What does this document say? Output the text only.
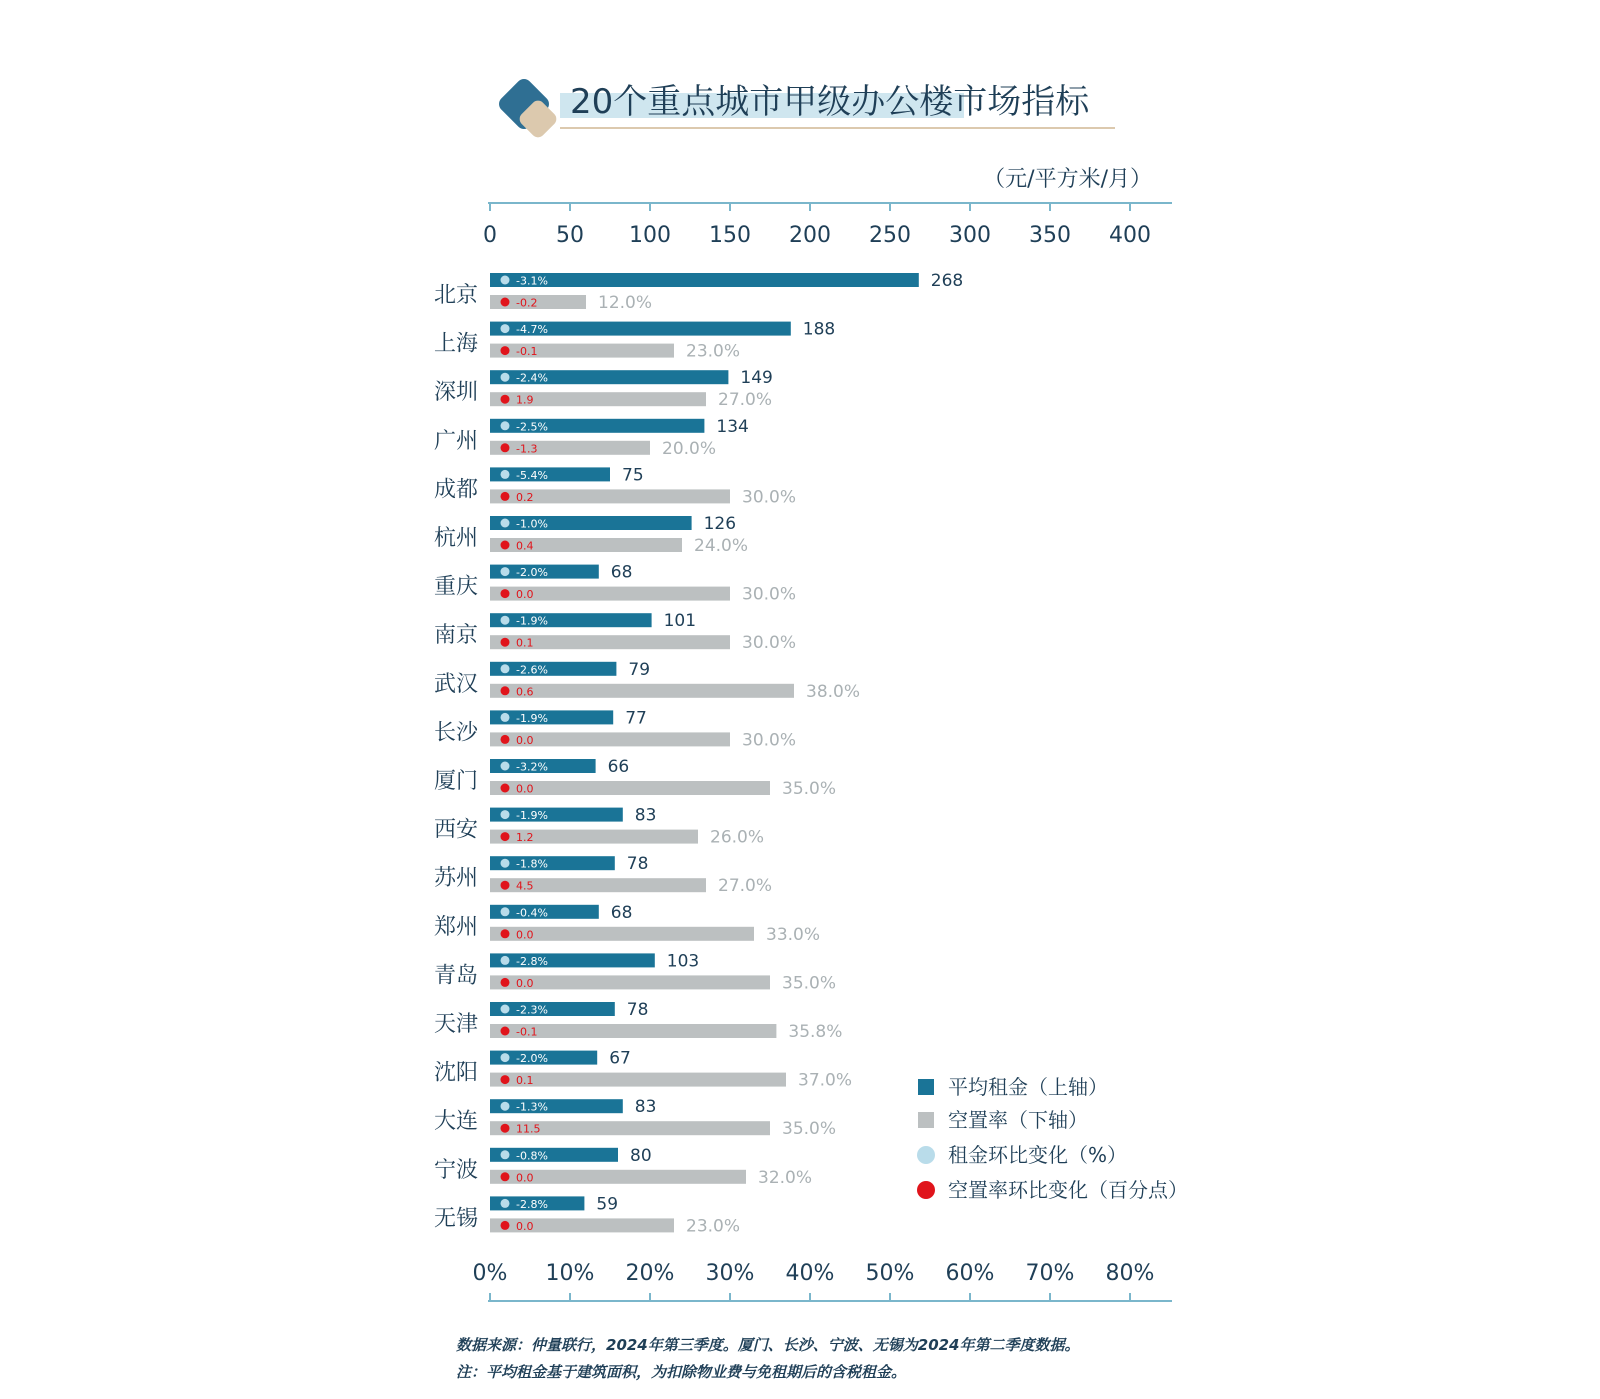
20个重点城市甲级办公楼市场指标
（元/平方米/月）
0	50 100 150 200 250 300 350 400
北京
-3.1%	268
-0.2	12.0%
上海
-4.7%	188
-0.1	23.0%
深圳
-2.4%	149
1.9	27.0%
广州
-2.5%	134
-1.3	20.0%
成都
-5.4%	75
0.2	30.0%
杭州
-1.0%	126
0.4	24.0%
重庆
-2.0%	68
0.0	30.0%
南京
-1.9%	101
0.1	30.0%
武汉
-2.6%	79
0.6	38.0%
长沙
-1.9%	77
0.0	30.0%
厦门
-3.2%	66
0.0	35.0%
西安
-1.9%	83
1.2	26.0%
苏州
-1.8%	78
4.5	27.0%
郑州
-0.4%	68
0.0	33.0%
青岛
-2.8%	103
0.0	35.0%
天津
-2.3%	78
-0.1	35.8%
沈阳
-2.0%	67
0.1	37.0%
大连
-1.3%	83
11.5	35.0%
宁波
-0.8%	80
0.0	32.0%
无锡
-2.8%	59
0.0	23.0%
0% 10% 20% 30% 40% 50% 60% 70% 80%
平均租金（上轴）
空置率（下轴）
租金环比变化（%）
空置率环比变化（百分点）
数据来源：仲量联行，2024年第三季度。厦门、长沙、宁波、无锡为2024年第二季度数据。
注：平均租金基于建筑面积，为扣除物业费与免租期后的含税租金。
